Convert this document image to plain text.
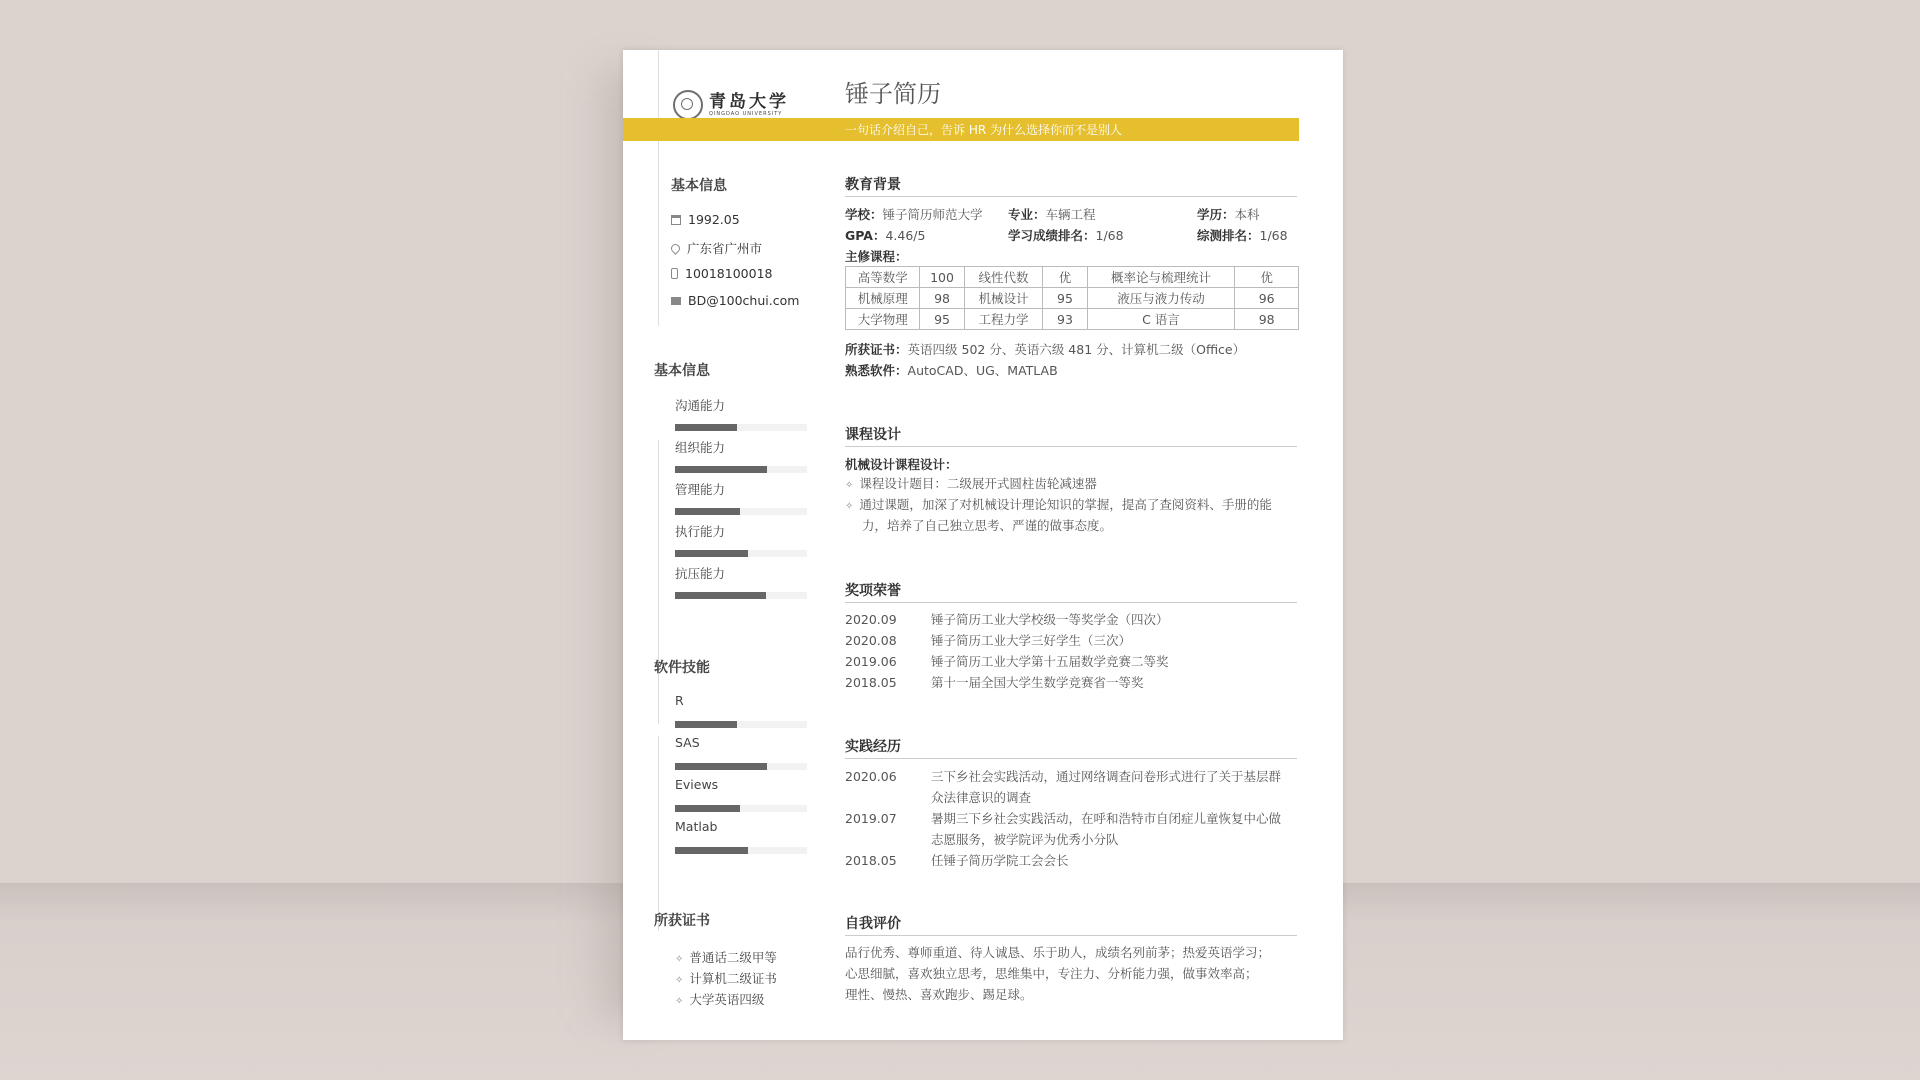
青岛大学
QINGDAO UNIVERSITY
锤子简历
一句话介绍自己，告诉 HR 为什么选择你而不是别人
基本信息
1992.05
广东省广州市
10018100018
BD@100chui.com
基本信息
沟通能力
组织能力
管理能力
执行能力
抗压能力
软件技能
R
SAS
Eviews
Matlab
所获证书
✧ 普通话二级甲等
✧ 计算机二级证书
✧ 大学英语四级
教育背景
学校：锤子简历师范大学 专业：车辆工程	学历：本科
GPA：4.46/5	学习成绩排名：1/68	综测排名：1/68
主修课程：
高等数学	100	线性代数	优	概率论与梳理统计	优
机械原理	98	机械设计	95	液压与液力传动	96
大学物理	95	工程力学	93	C 语言	98
所获证书：英语四级 502 分、英语六级 481 分、计算机二级（Office）
熟悉软件：AutoCAD、UG、MATLAB
课程设计
机械设计课程设计：
✧ 课程设计题目：二级展开式圆柱齿轮减速器
✧ 通过课题，加深了对机械设计理论知识的掌握，提高了查阅资料、手册的能
力，培养了自己独立思考、严谨的做事态度。
奖项荣誉
2020.09	锤子简历工业大学校级一等奖学金（四次）
2020.08	锤子简历工业大学三好学生（三次）
2019.06	锤子简历工业大学第十五届数学竞赛二等奖
2018.05	第十一届全国大学生数学竞赛省一等奖
实践经历
2020.06	三下乡社会实践活动，通过网络调查问卷形式进行了关于基层群
众法律意识的调查
2019.07	暑期三下乡社会实践活动，在呼和浩特市自闭症儿童恢复中心做
志愿服务，被学院评为优秀小分队
2018.05	任锤子简历学院工会会长
自我评价
品行优秀、尊师重道、待人诚恳、乐于助人，成绩名列前茅；热爱英语学习；
心思细腻，喜欢独立思考，思维集中，专注力、分析能力强，做事效率高；
理性、慢热、喜欢跑步、踢足球。
